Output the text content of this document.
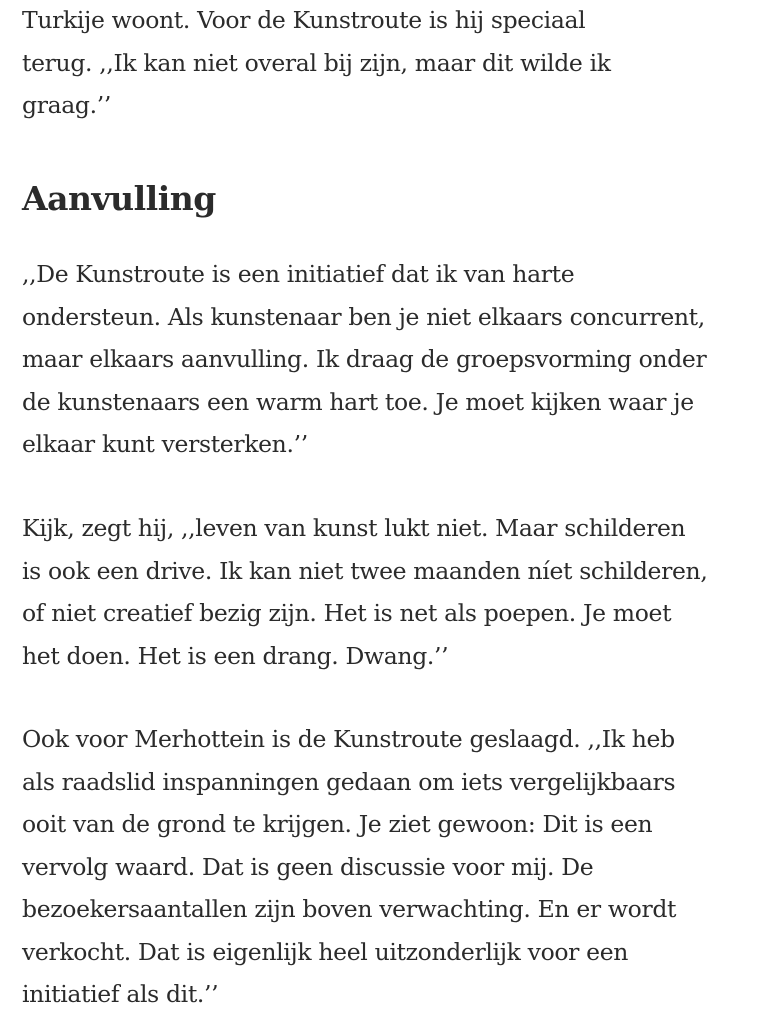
Turkije woont. Voor de Kunstroute is hij speciaal
terug. ,,Ik kan niet overal bij zijn, maar dit wilde ik
graag.’’

Aanvulling

,,De Kunstroute is een initiatief dat ik van harte
ondersteun. Als kunstenaar ben je niet elkaars concurrent,
maar elkaars aanvulling. Ik draag de groepsvorming onder
de kunstenaars een warm hart toe. Je moet kijken waar je
elkaar kunt versterken.’’

Kijk, zegt hij, ,,leven van kunst lukt niet. Maar schilderen
is ook een drive. Ik kan niet twee maanden níet schilderen,
of niet creatief bezig zijn. Het is net als poepen. Je moet
het doen. Het is een drang. Dwang.’’

Ook voor Merhottein is de Kunstroute geslaagd. ,,Ik heb
als raadslid inspanningen gedaan om iets vergelijkbaars
ooit van de grond te krijgen. Je ziet gewoon: Dit is een
vervolg waard. Dat is geen discussie voor mij. De
bezoekersaantallen zijn boven verwachting. En er wordt
verkocht. Dat is eigenlijk heel uitzonderlijk voor een
initiatief als dit.’’
